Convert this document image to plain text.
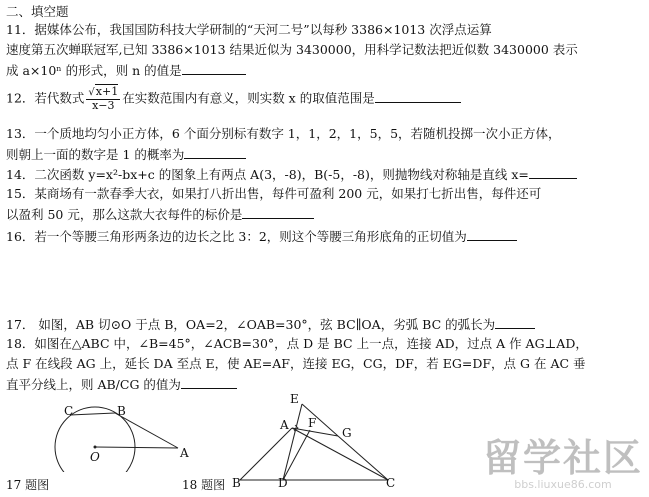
二、填空题
11．据媒体公布，我国国防科技大学研制的“天河二号”以每秒 3386×1013 次浮点运算
速度第五次蝉联冠军,已知 3386×1013 结果近似为 3430000，用科学记数法把近似数 3430000 表示
成 a×10ⁿ 的形式，则 n 的值是
12．若代数式 $\frac{√x+1}{x-3}$ 在实数范围内有意义，则实数 x 的取值范围是
13．一个质地均匀小正方体，6 个面分别标有数字 1，1，2，1，5，5，若随机投掷一次小正方体，
则朝上一面的数字是 1 的概率为
14．二次函数 y=x²-bx+c 的图象上有两点 A(3，-8)，B(-5，-8)，则抛物线对称轴是直线 x=
15．某商场有一款春季大衣，如果打八折出售，每件可盈利 200 元，如果打七折出售，每件还可
以盈利 50 元，那么这款大衣每件的标价是
16．若一个等腰三角形两条边的边长之比 3：2，则这个等腰三角形底角的正切值为
17． 如图，AB 切⊙O 于点 B，OA=2，∠OAB=30°，弦 BC∥OA，劣弧 BC 的弧长为
18．如图在△ABC 中，∠B=45°，∠ACB=30°，点 D 是 BC 上一点，连接 AD，过点 A 作 AG⊥AD，
点 F 在线段 AG 上，延长 DA 至点 E，使 AE=AF，连接 EG，CG，DF，若 EG=DF，点 G 在 AC 垂
直平分线上，则 AB/CG 的值为
C	B
O	A
17 题图
E
A F
G
B	D	C
18 题图
留学社区
bbs.liuxue86.com
